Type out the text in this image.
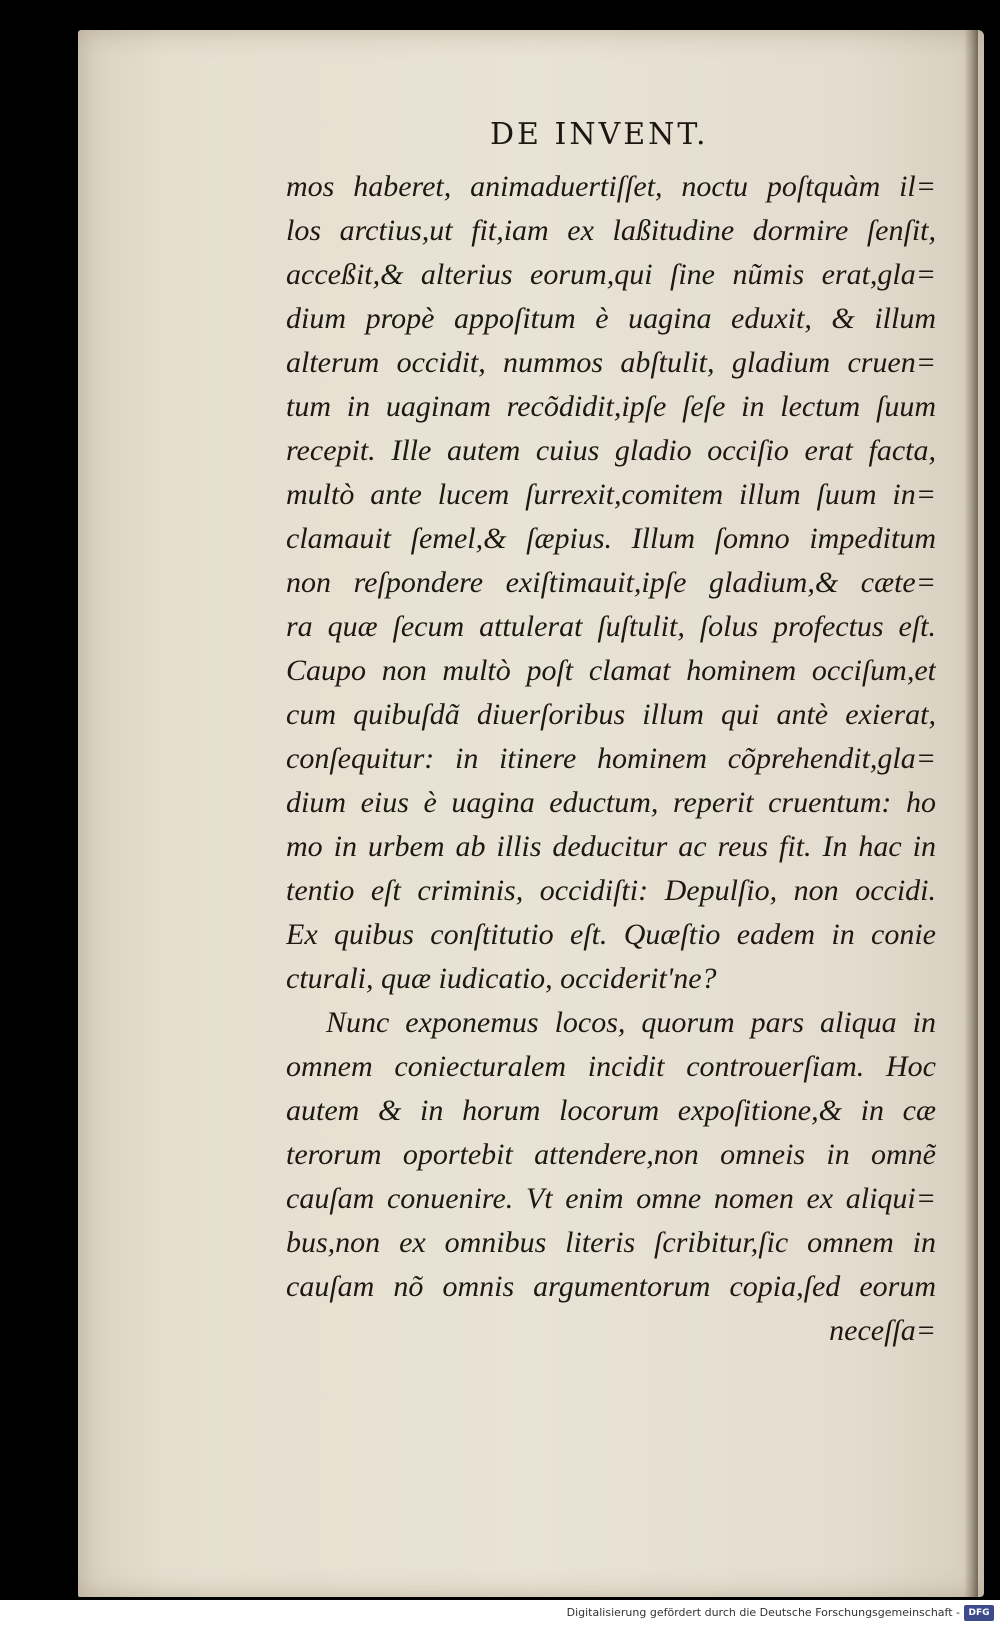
DE INVENT.
mos haberet, animaduertiſſet, noctu poſtquàm il=
los arctius,ut fit,iam ex laßitudine dormire ſenſit,
acceßit,& alterius eorum,qui ſine nũmis erat,gla=
dium propè appoſitum è uagina eduxit, & illum
alterum occidit, nummos abſtulit, gladium cruen=
tum in uaginam recõdidit,ipſe ſeſe in lectum ſuum
recepit. Ille autem cuius gladio occiſio erat facta,
multò ante lucem ſurrexit,comitem illum ſuum in=
clamauit ſemel,& ſæpius. Illum ſomno impeditum
non reſpondere exiſtimauit,ipſe gladium,& cæte=
ra quæ ſecum attulerat ſuſtulit, ſolus profectus eſt.
Caupo non multò poſt clamat hominem occiſum,et
cum quibuſdã diuerſoribus illum qui antè exierat,
conſequitur: in itinere hominem cõprehendit,gla=
dium eius è uagina eductum, reperit cruentum: ho
mo in urbem ab illis deducitur ac reus fit. In hac in
tentio eſt criminis, occidiſti: Depulſio, non occidi.
Ex quibus conſtitutio eſt. Quæſtio eadem in conie
cturali, quæ iudicatio, occiderit'ne?
Nunc exponemus locos, quorum pars aliqua in
omnem coniecturalem incidit controuerſiam. Hoc
autem & in horum locorum expoſitione,& in cæ
terorum oportebit attendere,non omneis in omnẽ
cauſam conuenire. Vt enim omne nomen ex aliqui=
bus,non ex omnibus literis ſcribitur,ſic omnem in
cauſam nõ omnis argumentorum copia,ſed eorum
neceſſa=
Digitalisierung gefördert durch die Deutsche Forschungsgemeinschaft - DFG
